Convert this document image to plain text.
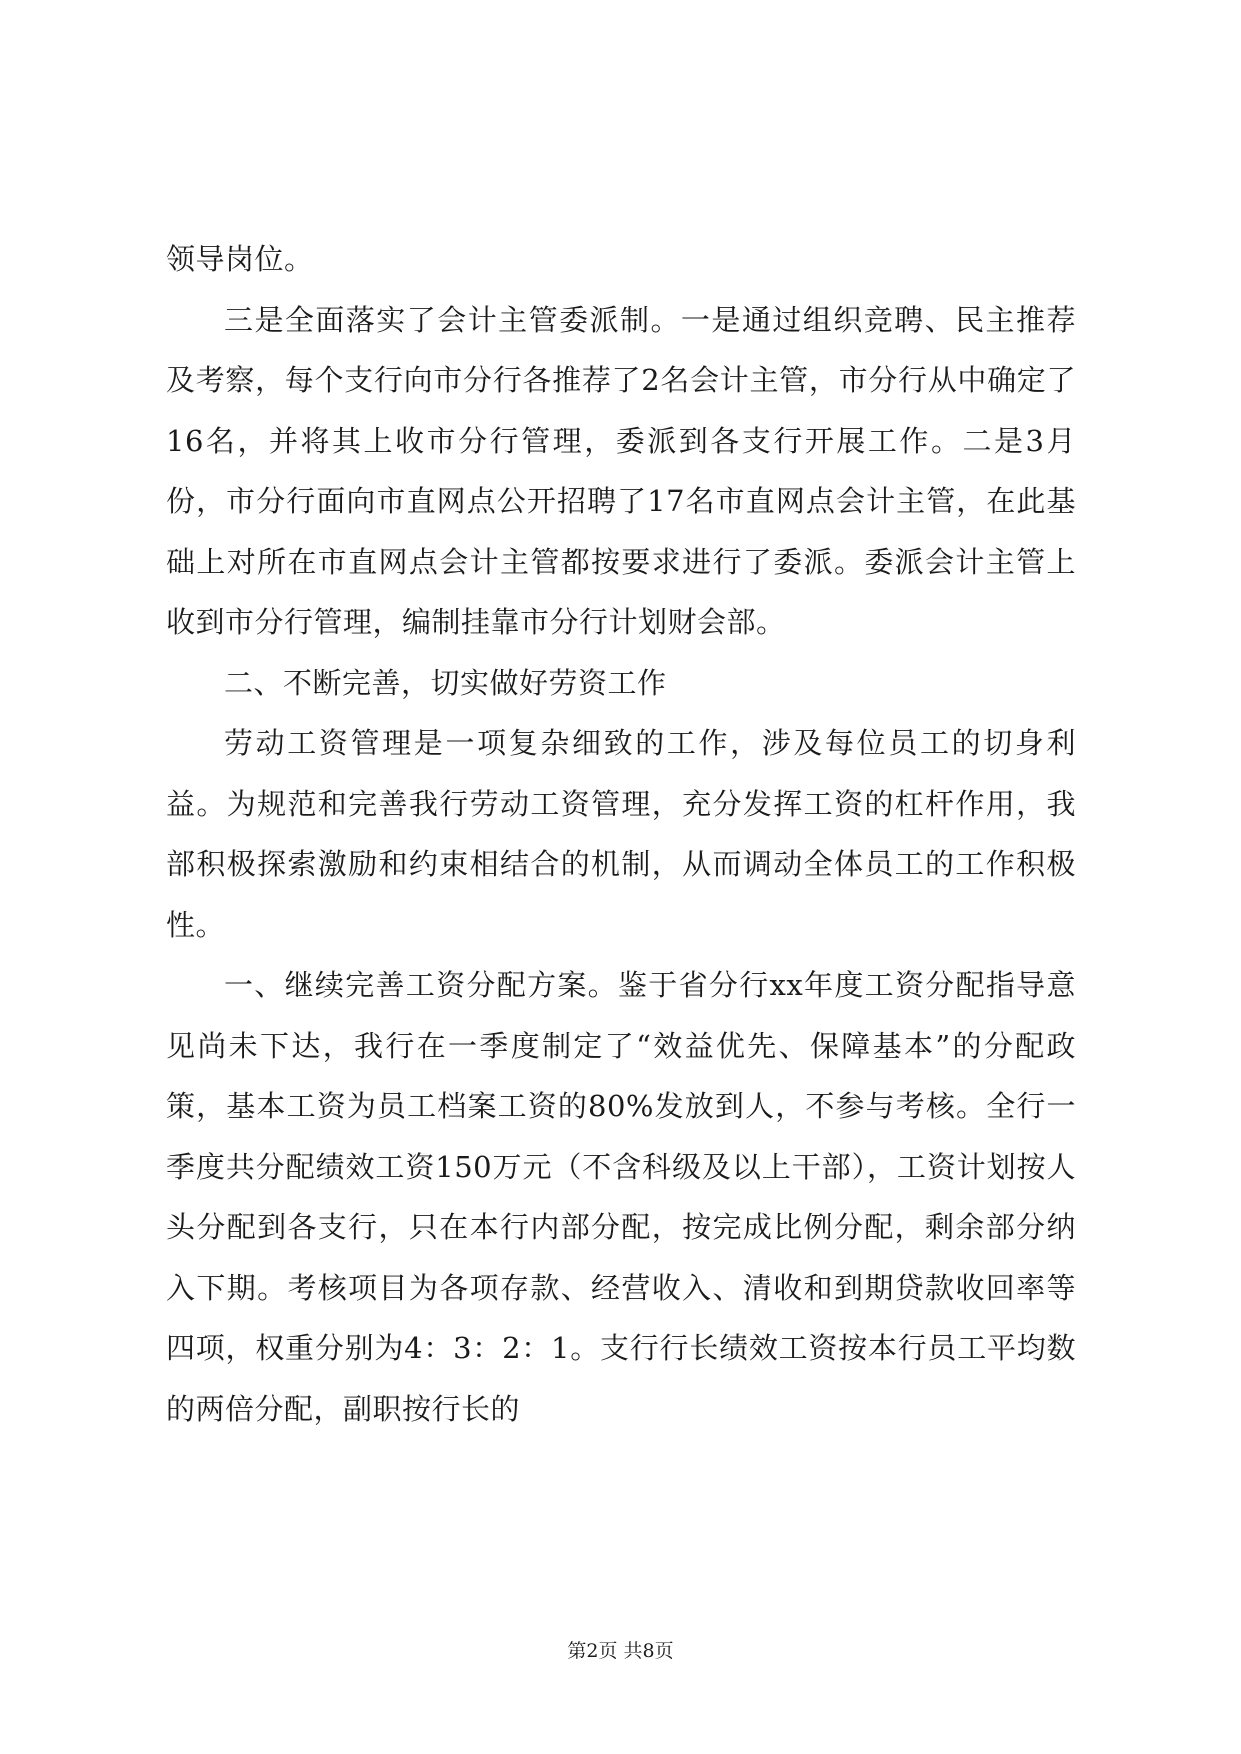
领导岗位。

三是全面落实了会计主管委派制。一是通过组织竞聘、民主推荐及考察，每个支行向市分行各推荐了2名会计主管，市分行从中确定了16名，并将其上收市分行管理，委派到各支行开展工作。二是3月份，市分行面向市直网点公开招聘了17名市直网点会计主管，在此基础上对所在市直网点会计主管都按要求进行了委派。委派会计主管上收到市分行管理，编制挂靠市分行计划财会部。

二、不断完善，切实做好劳资工作

劳动工资管理是一项复杂细致的工作，涉及每位员工的切身利益。为规范和完善我行劳动工资管理，充分发挥工资的杠杆作用，我部积极探索激励和约束相结合的机制，从而调动全体员工的工作积极性。

一、继续完善工资分配方案。鉴于省分行xx年度工资分配指导意见尚未下达，我行在一季度制定了“效益优先、保障基本”的分配政策，基本工资为员工档案工资的80%发放到人，不参与考核。全行一季度共分配绩效工资150万元（不含科级及以上干部），工资计划按人头分配到各支行，只在本行内部分配，按完成比例分配，剩余部分纳入下期。考核项目为各项存款、经营收入、清收和到期贷款收回率等四项，权重分别为4：3：2：1。支行行长绩效工资按本行员工平均数的两倍分配，副职按行长的

第2页 共8页
